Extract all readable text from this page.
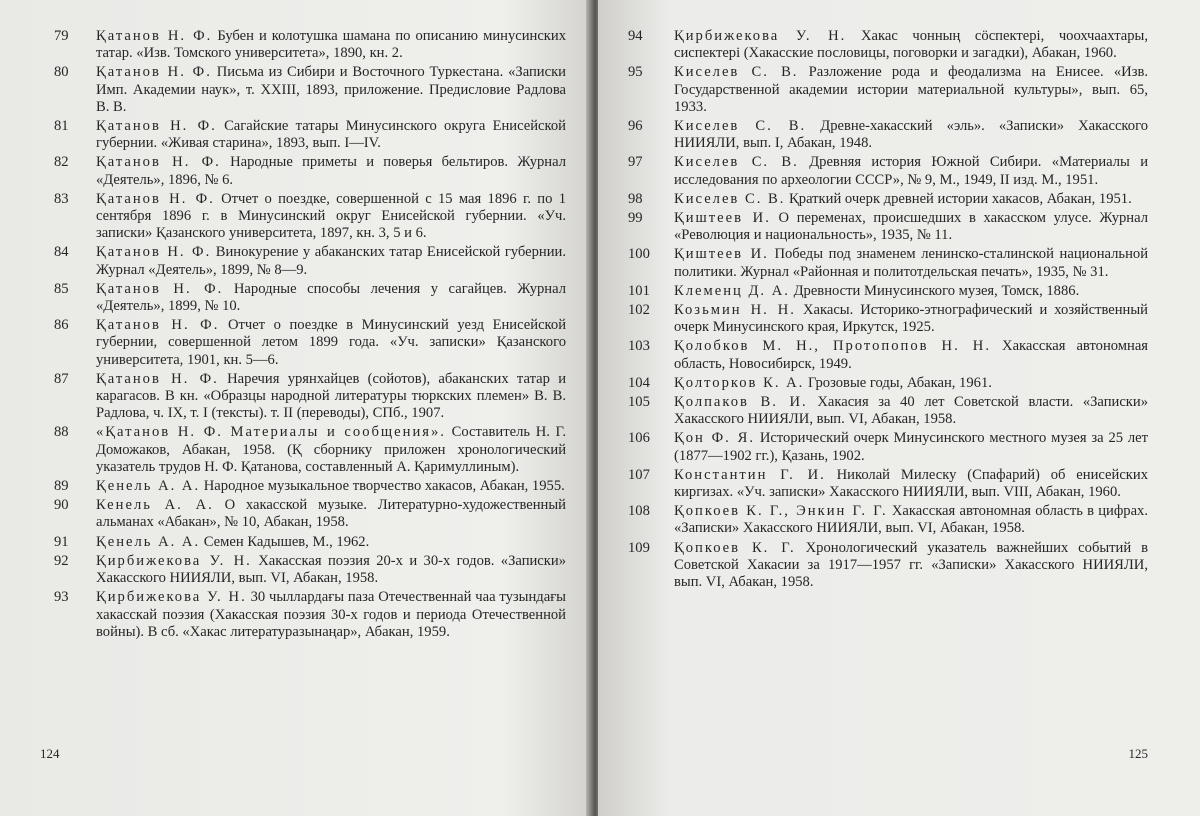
79	Қатанов Н. Ф. Бубен и колотушка шамана по описанию минусинских татар. «Изв. Томского университета», 1890, кн. 2.
80	Қатанов Н. Ф. Письма из Сибири и Восточного Туркестана. «Записки Имп. Академии наук», т. XXIII, 1893, приложение. Предисловие Радлова В. В.
81	Қатанов Н. Ф. Сагайские татары Минусинского округа Енисейской губернии. «Живая старина», 1893, вып. I—IV.
82	Қатанов Н. Ф. Народные приметы и поверья бельтиров. Журнал «Деятель», 1896, № 6.
83	Қатанов Н. Ф. Отчет о поездке, совершенной с 15 мая 1896 г. по 1 сентября 1896 г. в Минусинский округ Енисейской губернии. «Уч. записки» Қазанского университета, 1897, кн. 3, 5 и 6.
84	Қатанов Н. Ф. Винокурение у абаканских татар Енисейской губернии. Журнал «Деятель», 1899, № 8—9.
85	Қатанов Н. Ф. Народные способы лечения у сагайцев. Журнал «Деятель», 1899, № 10.
86	Қатанов Н. Ф. Отчет о поездке в Минусинский уезд Енисейской губернии, совершенной летом 1899 года. «Уч. записки» Қазанского университета, 1901, кн. 5—6.
87	Қатанов Н. Ф. Наречия урянхайцев (сойотов), абаканских татар и карагасов. В кн. «Образцы народной литературы тюркских племен» В. В. Радлова, ч. IX, т. I (тексты). т. II (переводы), СПб., 1907.
88	«Қатанов Н. Ф. Материалы и сообщения». Составитель Н. Г. Доможаков, Абакан, 1958. (Қ сборнику приложен хронологический указатель трудов Н. Ф. Қатанова, составленный А. Қаримуллиным).
89	Қенель А. А. Народное музыкальное творчество хакасов, Абакан, 1955.
90	Кенель А. А. О хакасской музыке. Литературно-художественный альманах «Абакан», № 10, Абакан, 1958.
91	Қенель А. А. Семен Кадышев, М., 1962.
92	Қирбижекова У. Н. Хакасская поэзия 20-х и 30-х годов. «Записки» Хакасского НИИЯЛИ, вып. VI, Абакан, 1958.
93	Қирбижекова У. Н. 30 чыллардағы паза Отечественнай чаа тузындағы хакасскай поэзия (Хакасская поэзия 30-х годов и периода Отечественной войны). В сб. «Хакас литературазынаңар», Абакан, 1959.
124
94	Қирбижекова У. Н. Хакас чонның сöспектерi, чоохчаахтары, сиспектерi (Хакасские пословицы, поговорки и загадки), Абакан, 1960.
95	Киселев С. В. Разложение рода и феодализма на Енисее. «Изв. Государственной академии истории материальной культуры», вып. 65, 1933.
96	Киселев С. В. Древне-хакасский «эль». «Записки» Хакасского НИИЯЛИ, вып. I, Абакан, 1948.
97	Киселев С. В. Древняя история Южной Сибири. «Материалы и исследования по археологии СССР», № 9, М., 1949, II изд. М., 1951.
98	Киселев С. В. Қраткий очерк древней истории хакасов, Абакан, 1951.
99	Қиштеев И. О переменах, происшедших в хакасском улусе. Журнал «Революция и национальность», 1935, № 11.
100	Қиштеев И. Победы под знаменем ленинско-сталинской национальной политики. Журнал «Районная и политотдельская печать», 1935, № 31.
101	Клеменц Д. А. Древности Минусинского музея, Томск, 1886.
102	Козьмин Н. Н. Хакасы. Историко-этнографический и хозяйственный очерк Минусинского края, Иркутск, 1925.
103	Қолобков М. Н., Протопопов Н. Н. Хакасская автономная область, Новосибирск, 1949.
104	Қолторков К. А. Грозовые годы, Абакан, 1961.
105	Қолпаков В. И. Хакасия за 40 лет Советской власти. «Записки» Хакасского НИИЯЛИ, вып. VI, Абакан, 1958.
106	Қон Ф. Я. Исторический очерк Минусинского местного музея за 25 лет (1877—1902 гг.), Қазань, 1902.
107	Константин Г. И. Николай Милеску (Спафарий) об енисейских киргизах. «Уч. записки» Хакасского НИИЯЛИ, вып. VIII, Абакан, 1960.
108	Қопкоев К. Г., Энкин Г. Г. Хакасская автономная область в цифрах. «Записки» Хакасского НИИЯЛИ, вып. VI, Абакан, 1958.
109	Қопкоев К. Г. Хронологический указатель важнейших событий в Советской Хакасии за 1917—1957 гг. «Записки» Хакасского НИИЯЛИ, вып. VI, Абакан, 1958.
125
